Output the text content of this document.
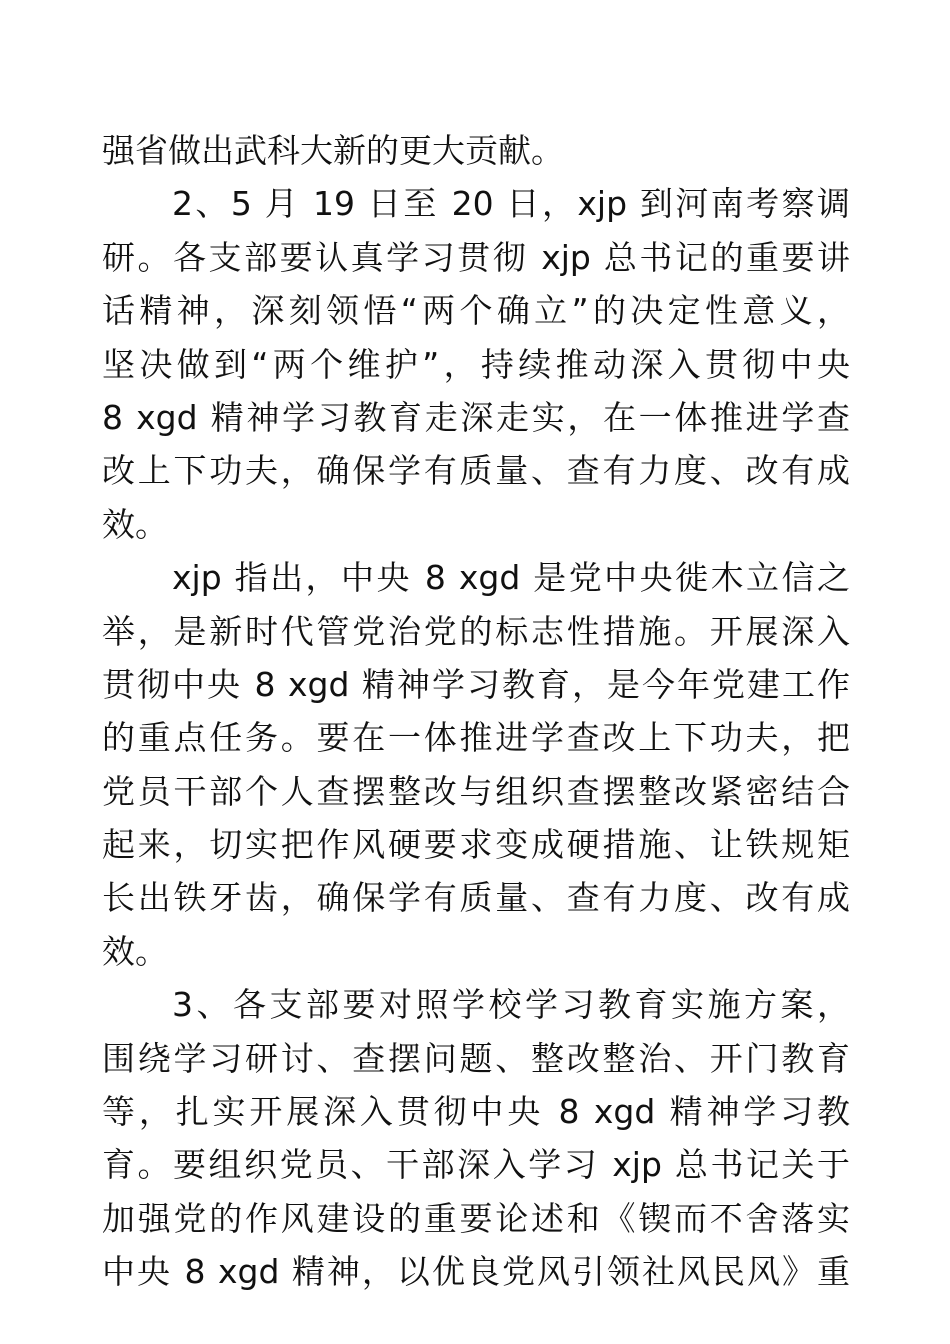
强省做出武科大新的更大贡献。
2、5 月 19 日至 20 日，xjp 到河南考察调
研。各支部要认真学习贯彻 xjp 总书记的重要讲
话精神，深刻领悟“两个确立”的决定性意义，
坚决做到“两个维护”，持续推动深入贯彻中央
8 xgd 精神学习教育走深走实，在一体推进学查
改上下功夫，确保学有质量、查有力度、改有成
效。
xjp 指出，中央 8 xgd 是党中央徙木立信之
举，是新时代管党治党的标志性措施。开展深入
贯彻中央 8 xgd 精神学习教育，是今年党建工作
的重点任务。要在一体推进学查改上下功夫，把
党员干部个人查摆整改与组织查摆整改紧密结合
起来，切实把作风硬要求变成硬措施、让铁规矩
长出铁牙齿，确保学有质量、查有力度、改有成
效。
3、各支部要对照学校学习教育实施方案，
围绕学习研讨、查摆问题、整改整治、开门教育
等，扎实开展深入贯彻中央 8 xgd 精神学习教
育。要组织党员、干部深入学习 xjp 总书记关于
加强党的作风建设的重要论述和《锲而不舍落实
中央 8 xgd 精神，以优良党风引领社风民风》重
